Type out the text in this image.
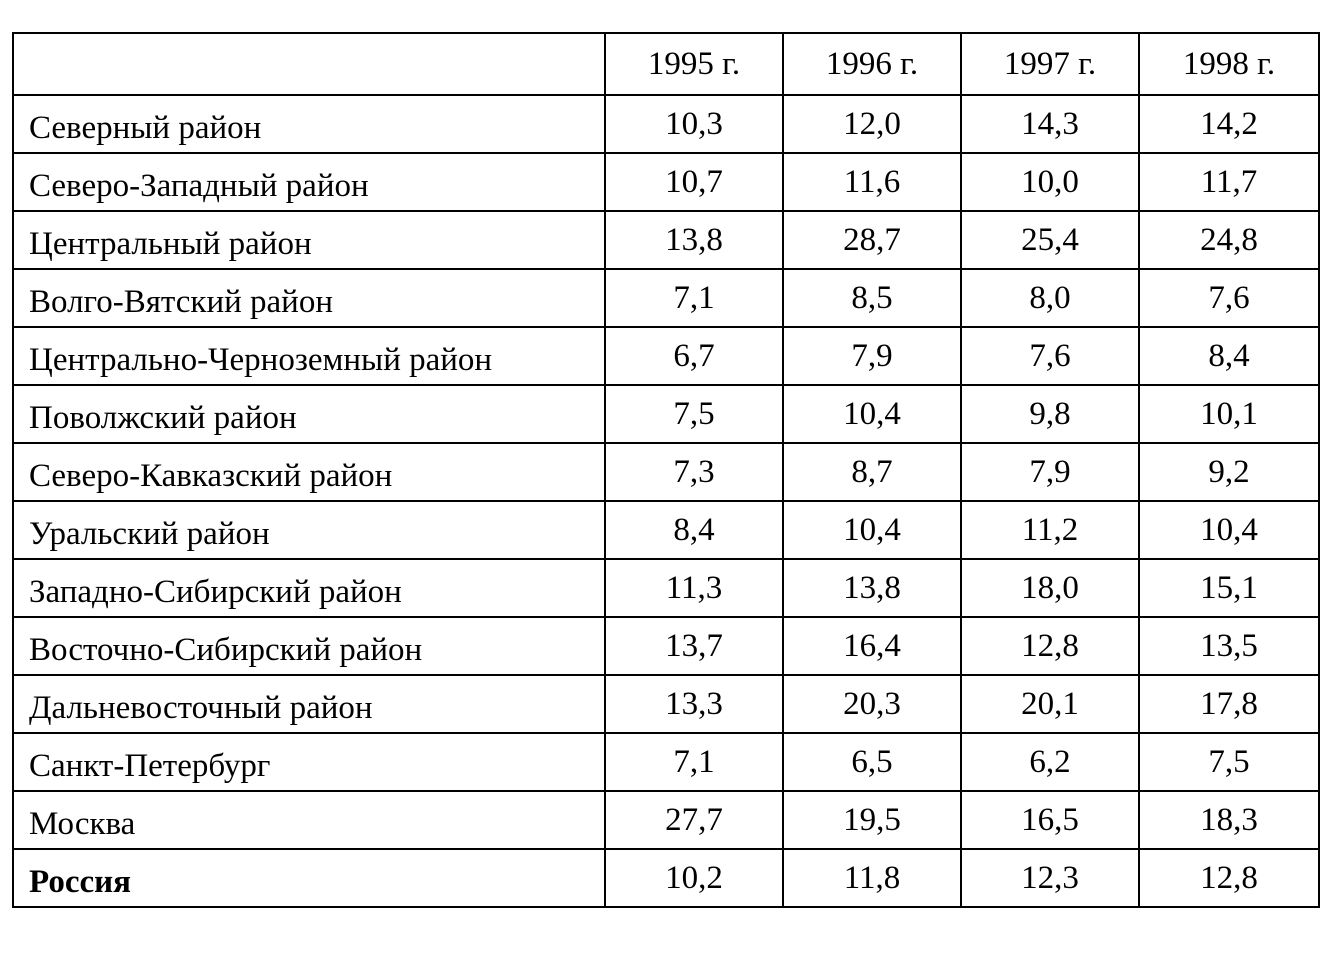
	1995 г.	1996 г.	1997 г.	1998 г.
Северный район	10,3	12,0	14,3	14,2
Северо-Западный район	10,7	11,6	10,0	11,7
Центральный район	13,8	28,7	25,4	24,8
Волго-Вятский район	7,1	8,5	8,0	7,6
Центрально-Черноземный район	6,7	7,9	7,6	8,4
Поволжский район	7,5	10,4	9,8	10,1
Северо-Кавказский район	7,3	8,7	7,9	9,2
Уральский район	8,4	10,4	11,2	10,4
Западно-Сибирский район	11,3	13,8	18,0	15,1
Восточно-Сибирский район	13,7	16,4	12,8	13,5
Дальневосточный район	13,3	20,3	20,1	17,8
Санкт-Петербург	7,1	6,5	6,2	7,5
Москва	27,7	19,5	16,5	18,3
Россия	10,2	11,8	12,3	12,8
